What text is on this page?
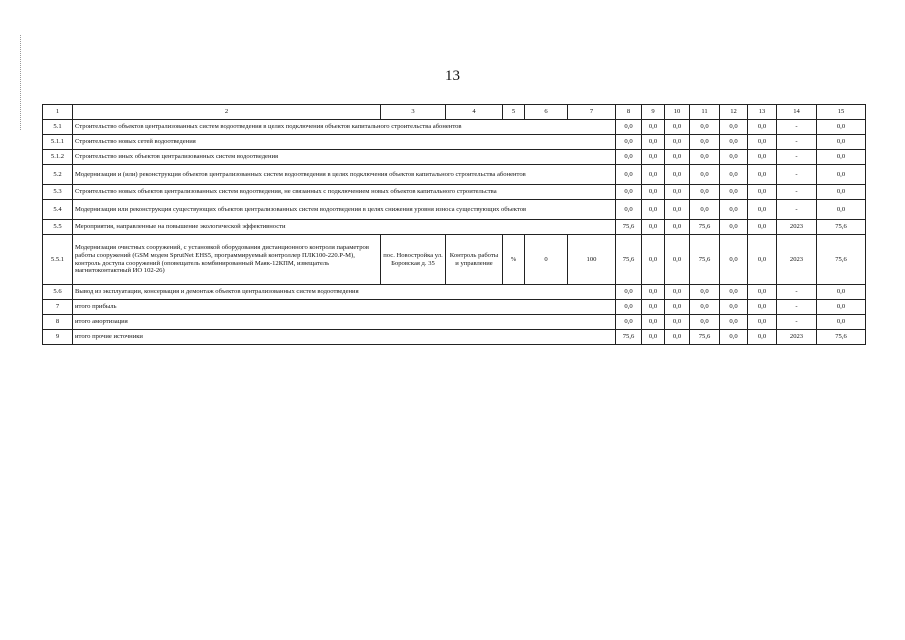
13
1	2	3	4	5	6	7	8	9	10	11	12	13	14	15
5.1	Строительство объектов централизованных систем водоотведения в целях подключения объектов капитального строительства абонентов						0,0	0,0	0,0	0,0	0,0	0,0	-	0,0
5.1.1	Строительство новых сетей водоотведения						0,0	0,0	0,0	0,0	0,0	0,0	-	0,0
5.1.2	Строительство иных объектов централизованных систем водоотведения						0,0	0,0	0,0	0,0	0,0	0,0	-	0,0
5.2	Модернизация и (или) реконструкция объектов централизованных систем водоотведения в целях подключения объектов капитального строительства абонентов						0,0	0,0	0,0	0,0	0,0	0,0	-	0,0
5.3	Строительство новых объектов централизованных систем водоотведения, не связанных с подключением новых объектов капитального строительства						0,0	0,0	0,0	0,0	0,0	0,0	-	0,0
5.4	Модернизация или реконструкция существующих объектов централизованных систем водоотведения в целях снижения уровня износа существующих объектов						0,0	0,0	0,0	0,0	0,0	0,0	-	0,0
5.5	Мероприятия, направленные на повышение экологической эффективности						75,6	0,0	0,0	75,6	0,0	0,0	2023	75,6
5.5.1	Модернизация очистных сооружений, с установкой оборудования дистанционного контроля параметров работы сооружений (GSM модем SprutNet EHS5, программируемый контроллер ПЛК100-220.Р-М), контроль доступа сооружений (оповещатель комбинированный Маяк-12КПМ, извещатель магнитоконтактный ИО 102-26)	пос. Новостройка ул. Боровская д. 35	Контроль работы и управление	%	0	100	75,6	0,0	0,0	75,6	0,0	0,0	2023	75,6
5.6	Вывод из эксплуатации, консервация и демонтаж объектов централизованных систем водоотведения						0,0	0,0	0,0	0,0	0,0	0,0	-	0,0
7	итого прибыль						0,0	0,0	0,0	0,0	0,0	0,0	-	0,0
8	итого амортизация						0,0	0,0	0,0	0,0	0,0	0,0	-	0,0
9	итого прочие источники						75,6	0,0	0,0	75,6	0,0	0,0	2023	75,6
